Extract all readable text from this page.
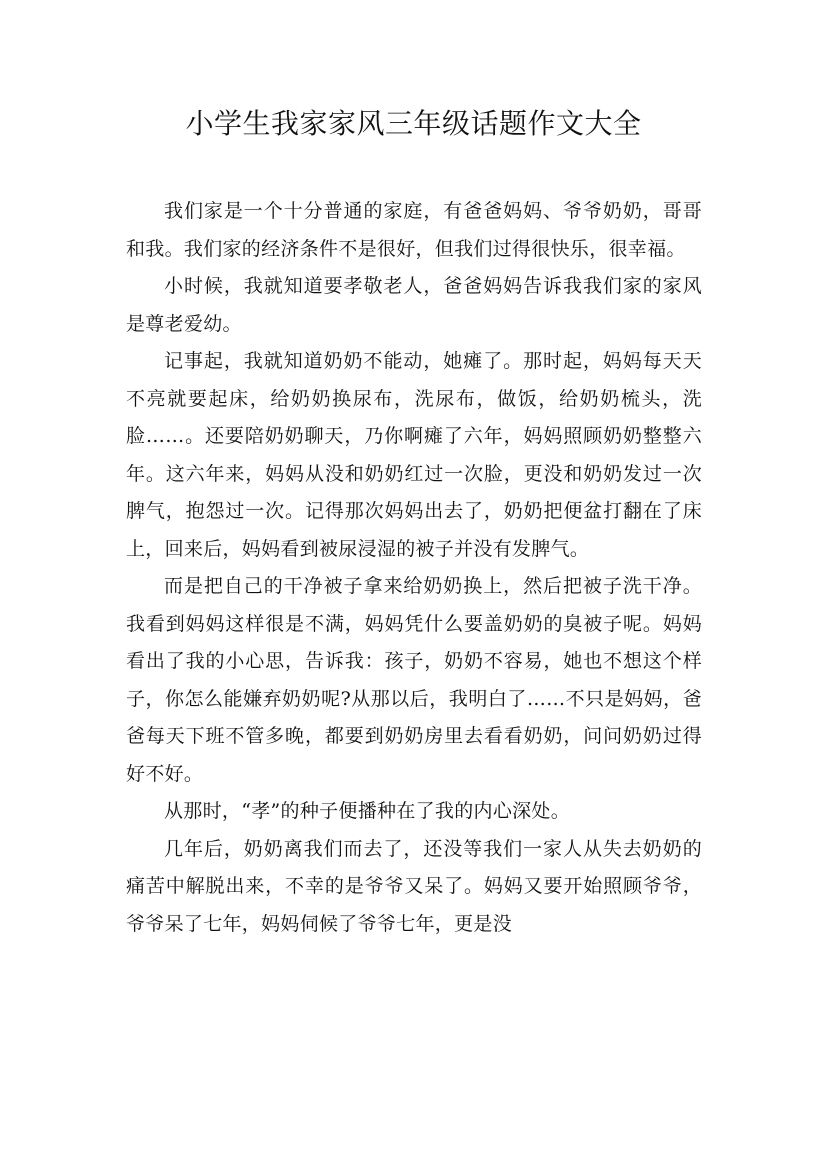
小学生我家家风三年级话题作文大全

我们家是一个十分普通的家庭，有爸爸妈妈、爷爷奶奶，哥哥和我。我们家的经济条件不是很好，但我们过得很快乐，很幸福。

小时候，我就知道要孝敬老人，爸爸妈妈告诉我我们家的家风是尊老爱幼。

记事起，我就知道奶奶不能动，她瘫了。那时起，妈妈每天天不亮就要起床，给奶奶换尿布，洗尿布，做饭，给奶奶梳头，洗脸……。还要陪奶奶聊天，乃你啊瘫了六年，妈妈照顾奶奶整整六年。这六年来，妈妈从没和奶奶红过一次脸，更没和奶奶发过一次脾气，抱怨过一次。记得那次妈妈出去了，奶奶把便盆打翻在了床上，回来后，妈妈看到被尿浸湿的被子并没有发脾气。

而是把自己的干净被子拿来给奶奶换上，然后把被子洗干净。我看到妈妈这样很是不满，妈妈凭什么要盖奶奶的臭被子呢。妈妈看出了我的小心思，告诉我：孩子，奶奶不容易，她也不想这个样子，你怎么能嫌弃奶奶呢?从那以后，我明白了……不只是妈妈，爸爸每天下班不管多晚，都要到奶奶房里去看看奶奶，问问奶奶过得好不好。

从那时，“孝”的种子便播种在了我的内心深处。

几年后，奶奶离我们而去了，还没等我们一家人从失去奶奶的痛苦中解脱出来，不幸的是爷爷又呆了。妈妈又要开始照顾爷爷，爷爷呆了七年，妈妈伺候了爷爷七年，更是没
